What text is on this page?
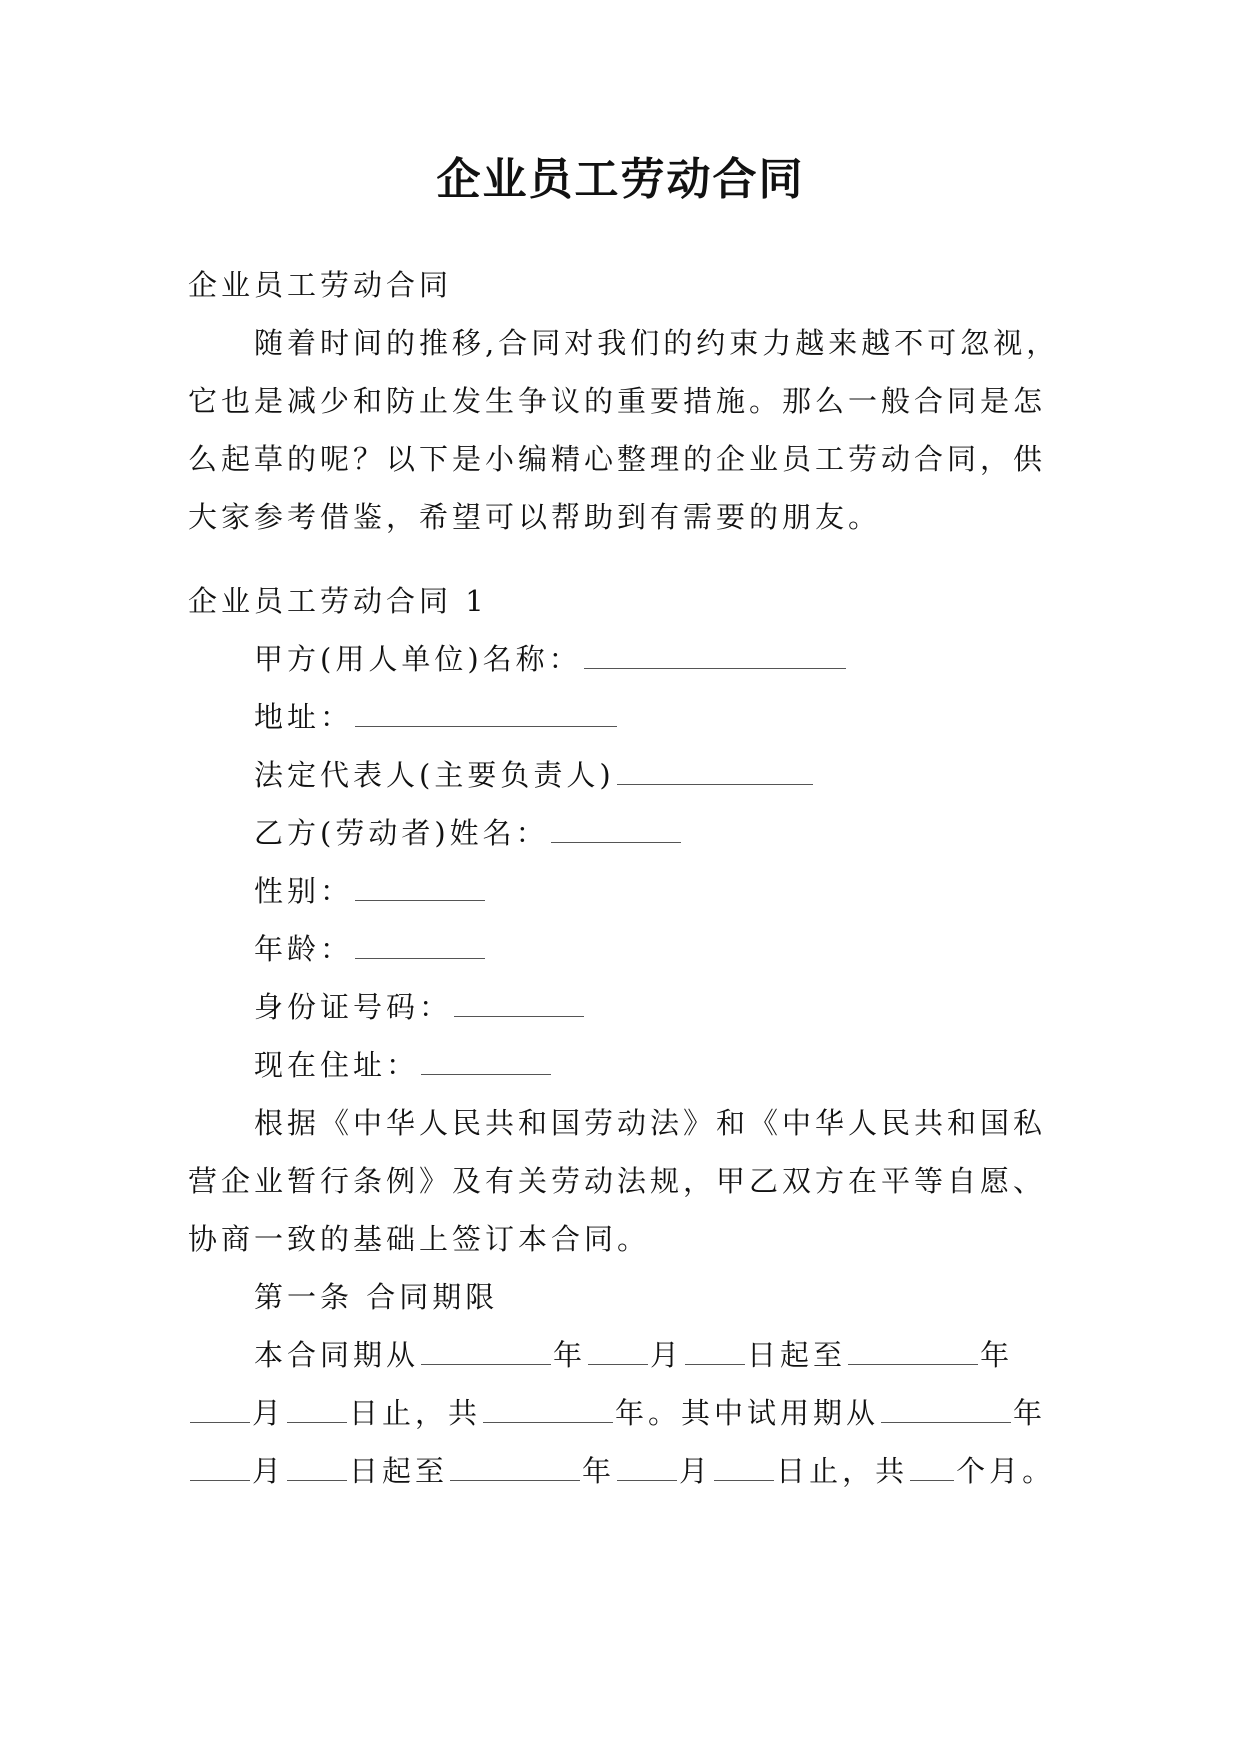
企业员工劳动合同
企业员工劳动合同
随着时间的推移,合同对我们的约束力越来越不可忽视，
它也是减少和防止发生争议的重要措施。那么一般合同是怎
么起草的呢？以下是小编精心整理的企业员工劳动合同，供
大家参考借鉴，希望可以帮助到有需要的朋友。
企业员工劳动合同 1
甲方(用人单位)名称：
地址：
法定代表人(主要负责人)
乙方(劳动者)姓名：
性别：
年龄：
身份证号码：
现在住址：
根据《中华人民共和国劳动法》和《中华人民共和国私
营企业暂行条例》及有关劳动法规，甲乙双方在平等自愿、
协商一致的基础上签订本合同。
第一条 合同期限
本合同期从	年 月 日起至	年
月 日止，共	年。其中试用期从	年
月 日起至	年 月 日止，共 个月。
